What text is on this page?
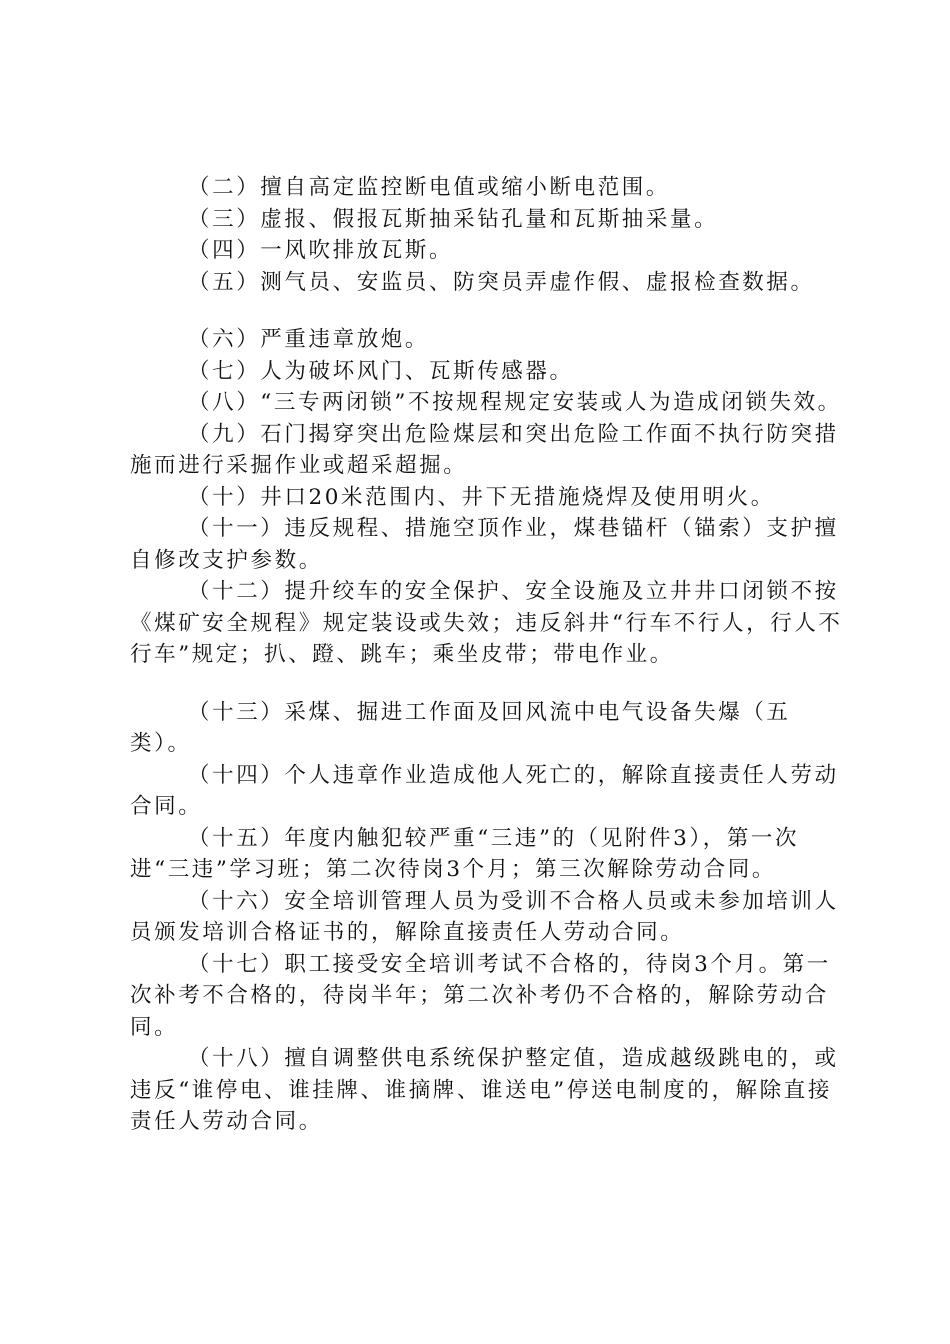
（二）擅自高定监控断电值或缩小断电范围。

（三）虚报、假报瓦斯抽采钻孔量和瓦斯抽采量。

（四）一风吹排放瓦斯。

（五）测气员、安监员、防突员弄虚作假、虚报检查数据。

（六）严重违章放炮。

（七）人为破坏风门、瓦斯传感器。

（八）“三专两闭锁”不按规程规定安装或人为造成闭锁失效。

（九）石门揭穿突出危险煤层和突出危险工作面不执行防突措施而进行采掘作业或超采超掘。

（十）井口20米范围内、井下无措施烧焊及使用明火。

（十一）违反规程、措施空顶作业，煤巷锚杆（锚索）支护擅自修改支护参数。

（十二）提升绞车的安全保护、安全设施及立井井口闭锁不按《煤矿安全规程》规定装设或失效；违反斜井“行车不行人，行人不行车”规定；扒、蹬、跳车；乘坐皮带；带电作业。

（十三）采煤、掘进工作面及回风流中电气设备失爆（五类）。

（十四）个人违章作业造成他人死亡的，解除直接责任人劳动合同。

（十五）年度内触犯较严重“三违”的（见附件3），第一次进“三违”学习班；第二次待岗3个月；第三次解除劳动合同。

（十六）安全培训管理人员为受训不合格人员或未参加培训人员颁发培训合格证书的，解除直接责任人劳动合同。

（十七）职工接受安全培训考试不合格的，待岗3个月。第一次补考不合格的，待岗半年；第二次补考仍不合格的，解除劳动合同。

（十八）擅自调整供电系统保护整定值，造成越级跳电的，或违反“谁停电、谁挂牌、谁摘牌、谁送电”停送电制度的，解除直接责任人劳动合同。
